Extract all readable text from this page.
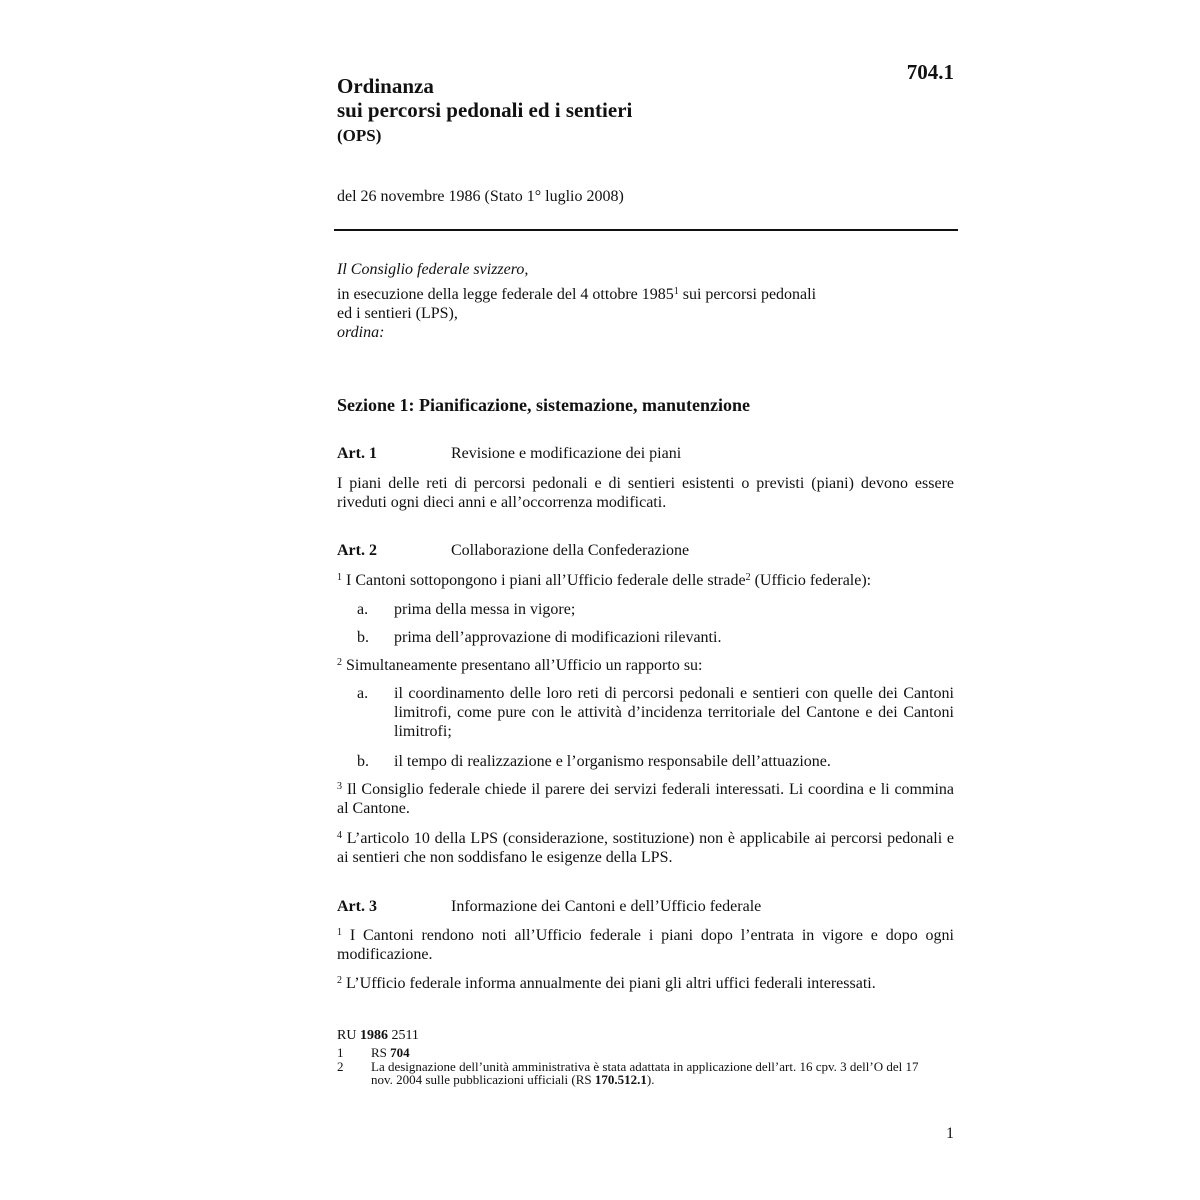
704.1
Ordinanza
sui percorsi pedonali ed i sentieri
(OPS)
del 26 novembre 1986 (Stato 1° luglio 2008)
Il Consiglio federale svizzero,
in esecuzione della legge federale del 4 ottobre 1985$^1$ sui percorsi pedonali
ed i sentieri (LPS),
ordina:
Sezione 1: Pianificazione, sistemazione, manutenzione
Art. 1	Revisione e modificazione dei piani
I piani delle reti di percorsi pedonali e di sentieri esistenti o previsti (piani) devono essere riveduti ogni dieci anni e all’occorrenza modificati.
Art. 2	Collaborazione della Confederazione
$^1$ I Cantoni sottopongono i piani all’Ufficio federale delle strade$^2$ (Ufficio federale):
a.	prima della messa in vigore;
b.	prima dell’approvazione di modificazioni rilevanti.
$^2$ Simultaneamente presentano all’Ufficio un rapporto su:
a.	il coordinamento delle loro reti di percorsi pedonali e sentieri con quelle dei Cantoni limitrofi, come pure con le attività d’incidenza territoriale del Cantone e dei Cantoni limitrofi;
b.	il tempo di realizzazione e l’organismo responsabile dell’attuazione.
$^3$ Il Consiglio federale chiede il parere dei servizi federali interessati. Li coordina e li commina al Cantone.
$^4$ L’articolo 10 della LPS (considerazione, sostituzione) non è applicabile ai percorsi pedonali e ai sentieri che non soddisfano le esigenze della LPS.
Art. 3	Informazione dei Cantoni e dell’Ufficio federale
$^1$ I Cantoni rendono noti all’Ufficio federale i piani dopo l’entrata in vigore e dopo ogni modificazione.
$^2$ L’Ufficio federale informa annualmente dei piani gli altri uffici federali interessati.
RU 1986 2511
1 RS 704
2 La designazione dell’unità amministrativa è stata adattata in applicazione dell’art. 16 cpv. 3 dell’O del 17 nov. 2004 sulle pubblicazioni ufficiali (RS 170.512.1).
1
